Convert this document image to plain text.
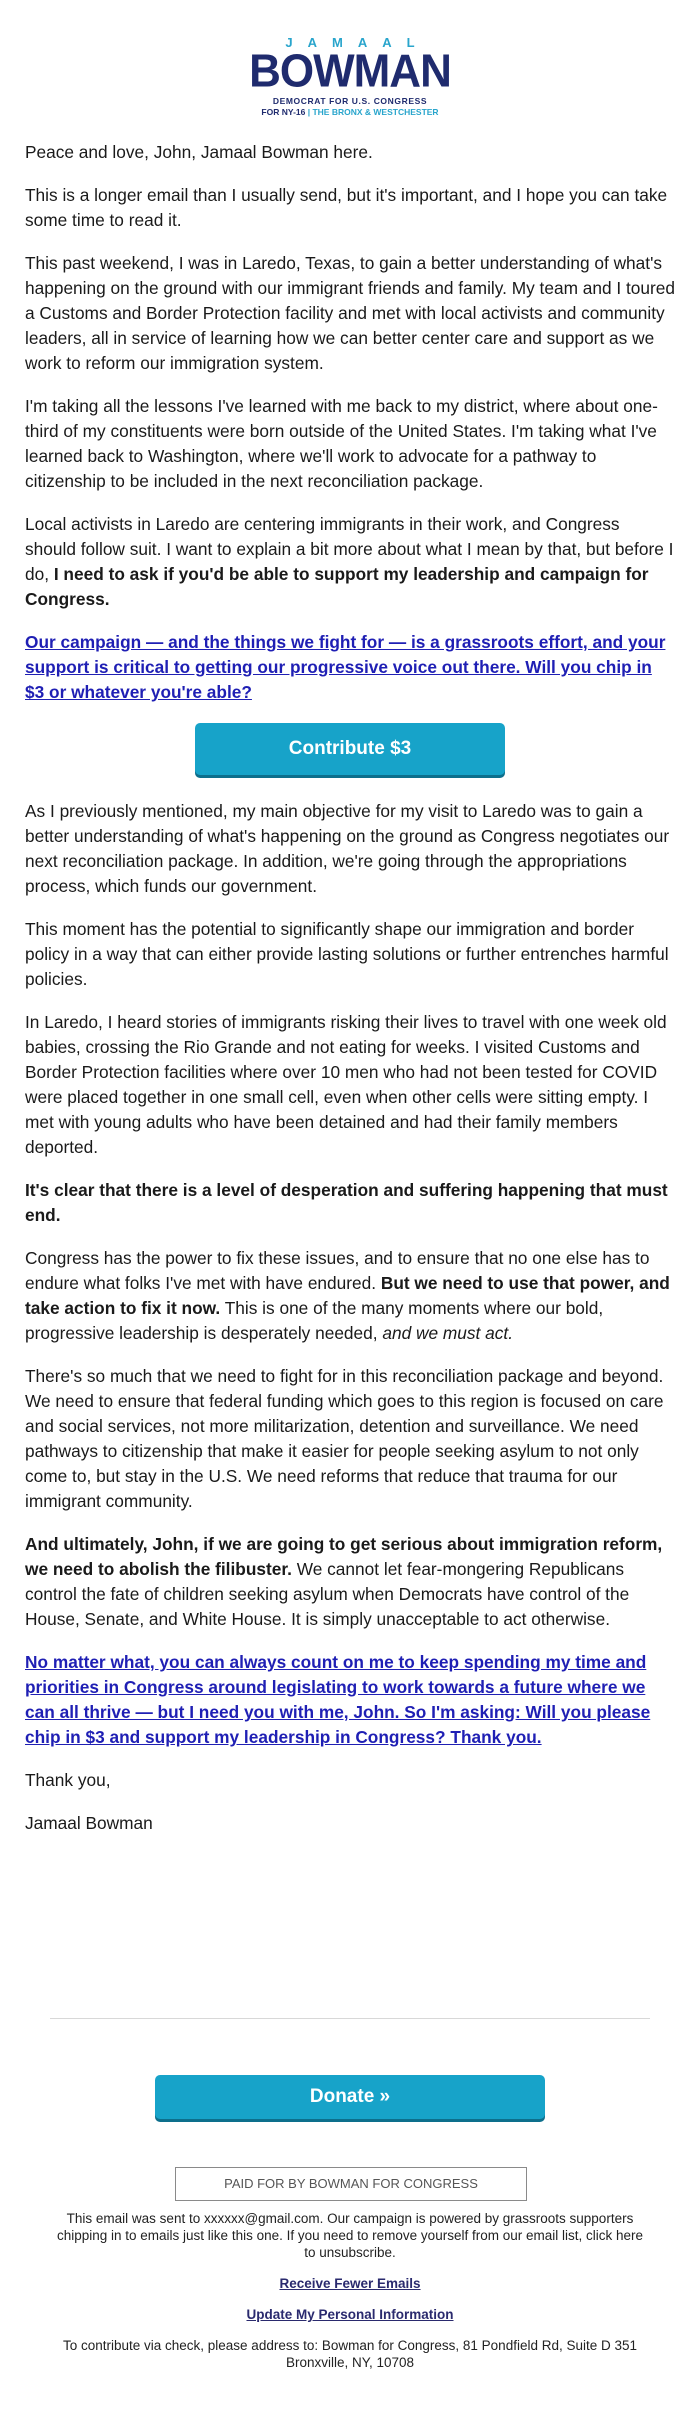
JAMAAL
BOWMAN
DEMOCRAT FOR U.S. CONGRESS
FOR NY-16 | THE BRONX & WESTCHESTER

Peace and love, John, Jamaal Bowman here.

This is a longer email than I usually send, but it's important, and I hope you can take some time to read it.

This past weekend, I was in Laredo, Texas, to gain a better understanding of what's happening on the ground with our immigrant friends and family. My team and I toured a Customs and Border Protection facility and met with local activists and community leaders, all in service of learning how we can better center care and support as we work to reform our immigration system.

I'm taking all the lessons I've learned with me back to my district, where about one-third of my constituents were born outside of the United States. I'm taking what I've learned back to Washington, where we'll work to advocate for a pathway to citizenship to be included in the next reconciliation package.

Local activists in Laredo are centering immigrants in their work, and Congress should follow suit. I want to explain a bit more about what I mean by that, but before I do, I need to ask if you'd be able to support my leadership and campaign for Congress.

Our campaign — and the things we fight for — is a grassroots effort, and your support is critical to getting our progressive voice out there. Will you chip in $3 or whatever you're able?

Contribute $3

As I previously mentioned, my main objective for my visit to Laredo was to gain a better understanding of what's happening on the ground as Congress negotiates our next reconciliation package. In addition, we're going through the appropriations process, which funds our government.

This moment has the potential to significantly shape our immigration and border policy in a way that can either provide lasting solutions or further entrenches harmful policies.

In Laredo, I heard stories of immigrants risking their lives to travel with one week old babies, crossing the Rio Grande and not eating for weeks. I visited Customs and Border Protection facilities where over 10 men who had not been tested for COVID were placed together in one small cell, even when other cells were sitting empty. I met with young adults who have been detained and had their family members deported.

It's clear that there is a level of desperation and suffering happening that must end.

Congress has the power to fix these issues, and to ensure that no one else has to endure what folks I've met with have endured. But we need to use that power, and take action to fix it now. This is one of the many moments where our bold, progressive leadership is desperately needed, and we must act.

There's so much that we need to fight for in this reconciliation package and beyond. We need to ensure that federal funding which goes to this region is focused on care and social services, not more militarization, detention and surveillance. We need pathways to citizenship that make it easier for people seeking asylum to not only come to, but stay in the U.S. We need reforms that reduce that trauma for our immigrant community.

And ultimately, John, if we are going to get serious about immigration reform, we need to abolish the filibuster. We cannot let fear-mongering Republicans control the fate of children seeking asylum when Democrats have control of the House, Senate, and White House. It is simply unacceptable to act otherwise.

No matter what, you can always count on me to keep spending my time and priorities in Congress around legislating to work towards a future where we can all thrive — but I need you with me, John. So I'm asking: Will you please chip in $3 and support my leadership in Congress? Thank you.

Thank you,

Jamaal Bowman

Donate »
PAID FOR BY BOWMAN FOR CONGRESS

This email was sent to xxxxxx@gmail.com. Our campaign is powered by grassroots supporters chipping in to emails just like this one. If you need to remove yourself from our email list, click here to unsubscribe.

Receive Fewer Emails

Update My Personal Information

To contribute via check, please address to: Bowman for Congress, 81 Pondfield Rd, Suite D 351 Bronxville, NY, 10708
